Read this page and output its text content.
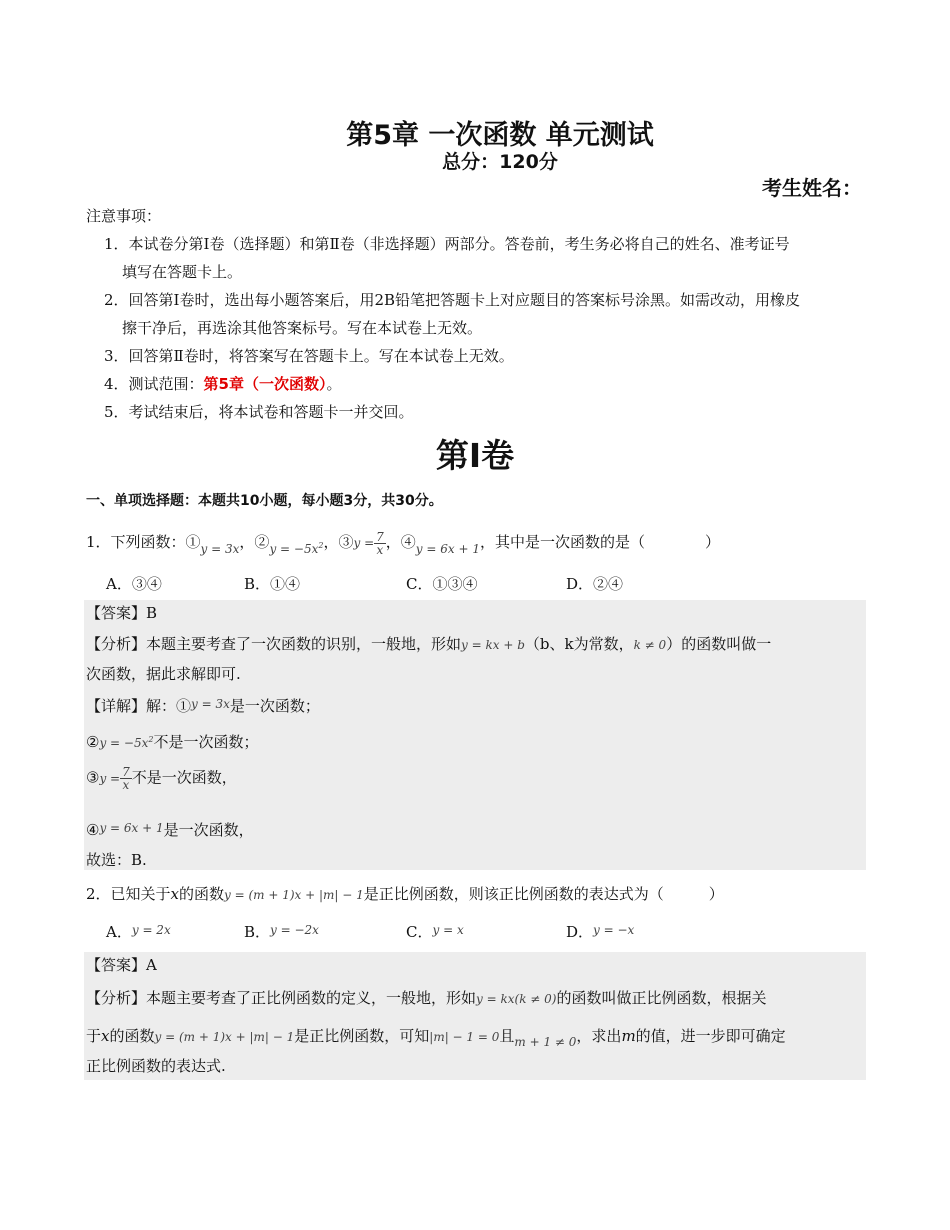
第5章 一次函数 单元测试
总分：120分
考生姓名：
注意事项：
1．本试卷分第Ⅰ卷（选择题）和第Ⅱ卷（非选择题）两部分。答卷前，考生务必将自己的姓名、准考证号
填写在答题卡上。
2．回答第Ⅰ卷时，选出每小题答案后，用2B铅笔把答题卡上对应题目的答案标号涂黑。如需改动，用橡皮
擦干净后，再选涂其他答案标号。写在本试卷上无效。
3．回答第Ⅱ卷时，将答案写在答题卡上。写在本试卷上无效。
4．测试范围：第5章（一次函数）。
5．考试结束后，将本试卷和答题卡一并交回。
第Ⅰ卷
一、单项选择题：本题共10小题，每小题3分，共30分。
1．下列函数：$①_{y = 3x}$，$②_{y = -5x^2}$，③y = $\frac{7}{x}$ ，$④_{y = 6x + 1}$，其中是一次函数的是（　　　　）
A．③④	B．①④	C．①③④	D．②④
【答案】B
【分析】本题主要考查了一次函数的识别，一般地，形如y = kx + b（b、k为常数，k ≠ 0）的函数叫做一
次函数，据此求解即可.
【详解】解：①$^{y = 3x}$是一次函数；
②y = $-5x^2$不是一次函数；
③y = $\frac{7}{x}$ 不是一次函数，
④$^{y = 6x + 1}$是一次函数，
故选：B.
2．已知关于x的函数y = (m + 1)x + |m| − 1是正比例函数，则该正比例函数的表达式为（　　　）
A．$^{y = 2x}$	B．$^{y = -2x}$	C．$^{y = x}$	D．$^{y = -x}$
【答案】A
【分析】本题主要考查了正比例函数的定义，一般地，形如y = kx(k ≠ 0)的函数叫做正比例函数，根据关
于x的函数y = (m + 1)x + |m| − 1是正比例函数，可知|m| − 1 = 0且$_{m + 1 \ne 0}$，求出m的值，进一步即可确定
正比例函数的表达式.
